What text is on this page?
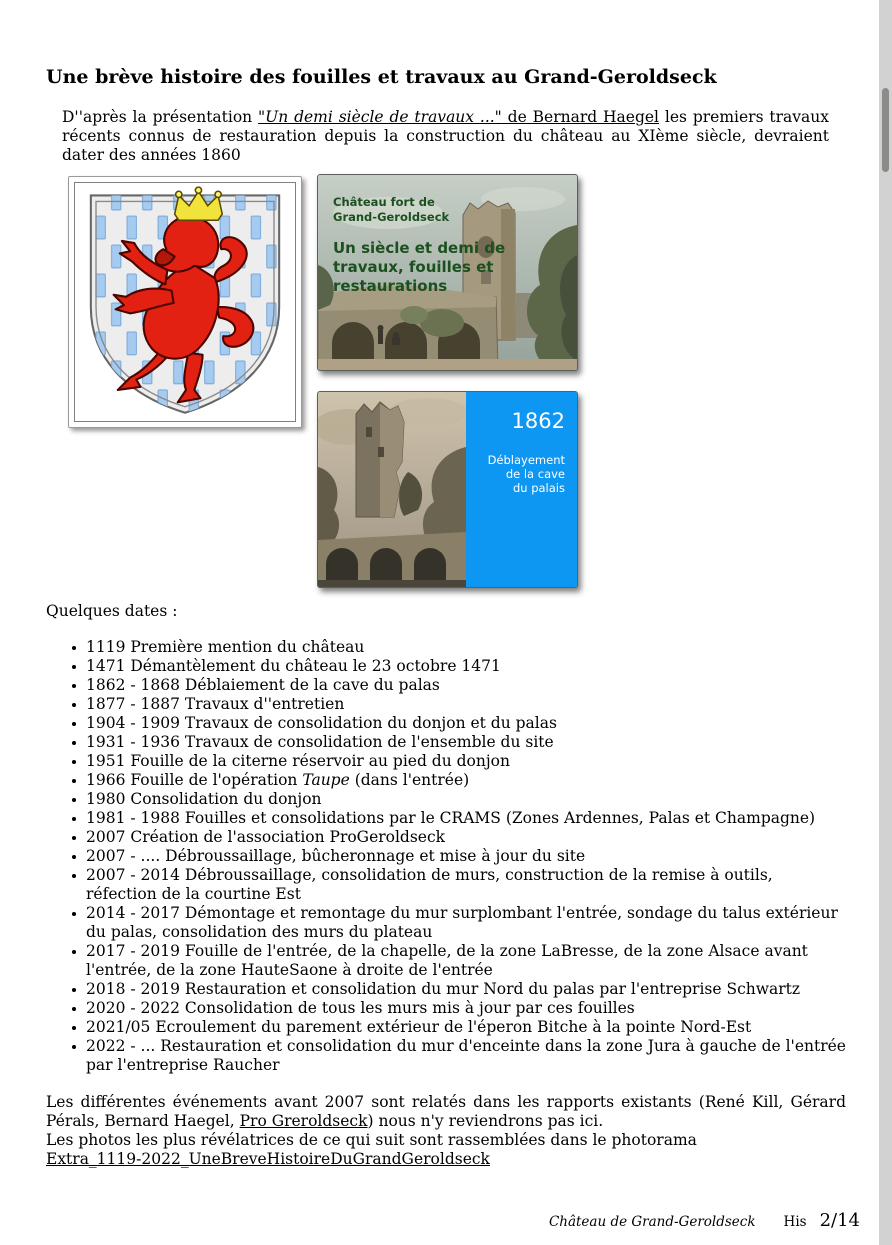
Une brève histoire des fouilles et travaux au Grand-Geroldseck

D''après la présentation "Un demi siècle de travaux ..." de Bernard Haegel les premiers travaux récents connus de restauration depuis la construction du château au XIème siècle, devraient dater des années 1860

Château fort de
Grand-Geroldseck
Un siècle et demi de
travaux, fouilles et
restaurations
1862
Déblayement
de la cave
du palais

Quelques dates :

1119 Première mention du château
1471 Démantèlement du château le 23 octobre 1471
1862 - 1868 Déblaiement de la cave du palas
1877 - 1887 Travaux d''entretien
1904 - 1909 Travaux de consolidation du donjon et du palas
1931 - 1936 Travaux de consolidation de l'ensemble du site
1951 Fouille de la citerne réservoir au pied du donjon
1966 Fouille de l'opération Taupe (dans l'entrée)
1980 Consolidation du donjon
1981 - 1988 Fouilles et consolidations par le CRAMS (Zones Ardennes, Palas et Champagne)
2007 Création de l'association ProGeroldseck
2007 - .... Débroussaillage, bûcheronnage et mise à jour du site
2007 - 2014 Débroussaillage, consolidation de murs, construction de la remise à outils, réfection de la courtine Est
2014 - 2017 Démontage et remontage du mur surplombant l'entrée, sondage du talus extérieur du palas, consolidation des murs du plateau
2017 - 2019 Fouille de l'entrée, de la chapelle, de la zone LaBresse, de la zone Alsace avant l'entrée, de la zone HauteSaone à droite de l'entrée
2018 - 2019 Restauration et consolidation du mur Nord du palas par l'entreprise Schwartz
2020 - 2022 Consolidation de tous les murs mis à jour par ces fouilles
2021/05 Ecroulement du parement extérieur de l'éperon Bitche à la pointe Nord-Est
2022 - ... Restauration et consolidation du mur d'enceinte dans la zone Jura à gauche de l'entrée par l'entreprise Raucher

Les différentes événements avant 2007 sont relatés dans les rapports existants (René Kill, Gérard Pérals, Bernard Haegel, Pro Greroldseck) nous n'y reviendrons pas ici.

Les photos les plus révélatrices de ce qui suit sont rassemblées dans le photorama
Extra_1119-2022_UneBreveHistoireDuGrandGeroldseck

Château de Grand-Geroldseck His 2/14
